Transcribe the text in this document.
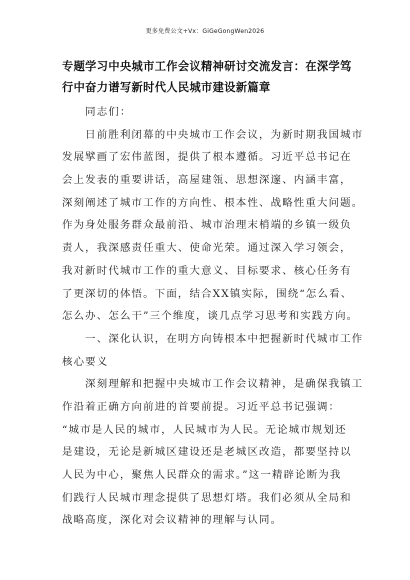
更多免费公文+Vx：GiGeGongWen2026
专题学习中央城市工作会议精神研讨交流发言：在深学笃
行中奋力谱写新时代人民城市建设新篇章
　　同志们：
　　日前胜利闭幕的中央城市工作会议，为新时期我国城市
发展擘画了宏伟蓝图，提供了根本遵循。习近平总书记在
会上发表的重要讲话，高屋建瓴、思想深邃、内涵丰富，
深刻阐述了城市工作的方向性、根本性、战略性重大问题。
作为身处服务群众最前沿、城市治理末梢端的乡镇一级负
责人，我深感责任重大、使命光荣。通过深入学习领会，
我对新时代城市工作的重大意义、目标要求、核心任务有
了更深切的体悟。下面，结合XX镇实际，围绕“怎么看、
怎么办、怎么干”三个维度，谈几点学习思考和实践方向。
　　一、深化认识，在明方向铸根本中把握新时代城市工作
核心要义
　　深刻理解和把握中央城市工作会议精神，是确保我镇工
作沿着正确方向前进的首要前提。习近平总书记强调：
“城市是人民的城市，人民城市为人民。无论城市规划还
是建设，无论是新城区建设还是老城区改造，都要坚持以
人民为中心，聚焦人民群众的需求。”这一精辟论断为我
们践行人民城市理念提供了思想灯塔。我们必须从全局和
战略高度，深化对会议精神的理解与认同。
